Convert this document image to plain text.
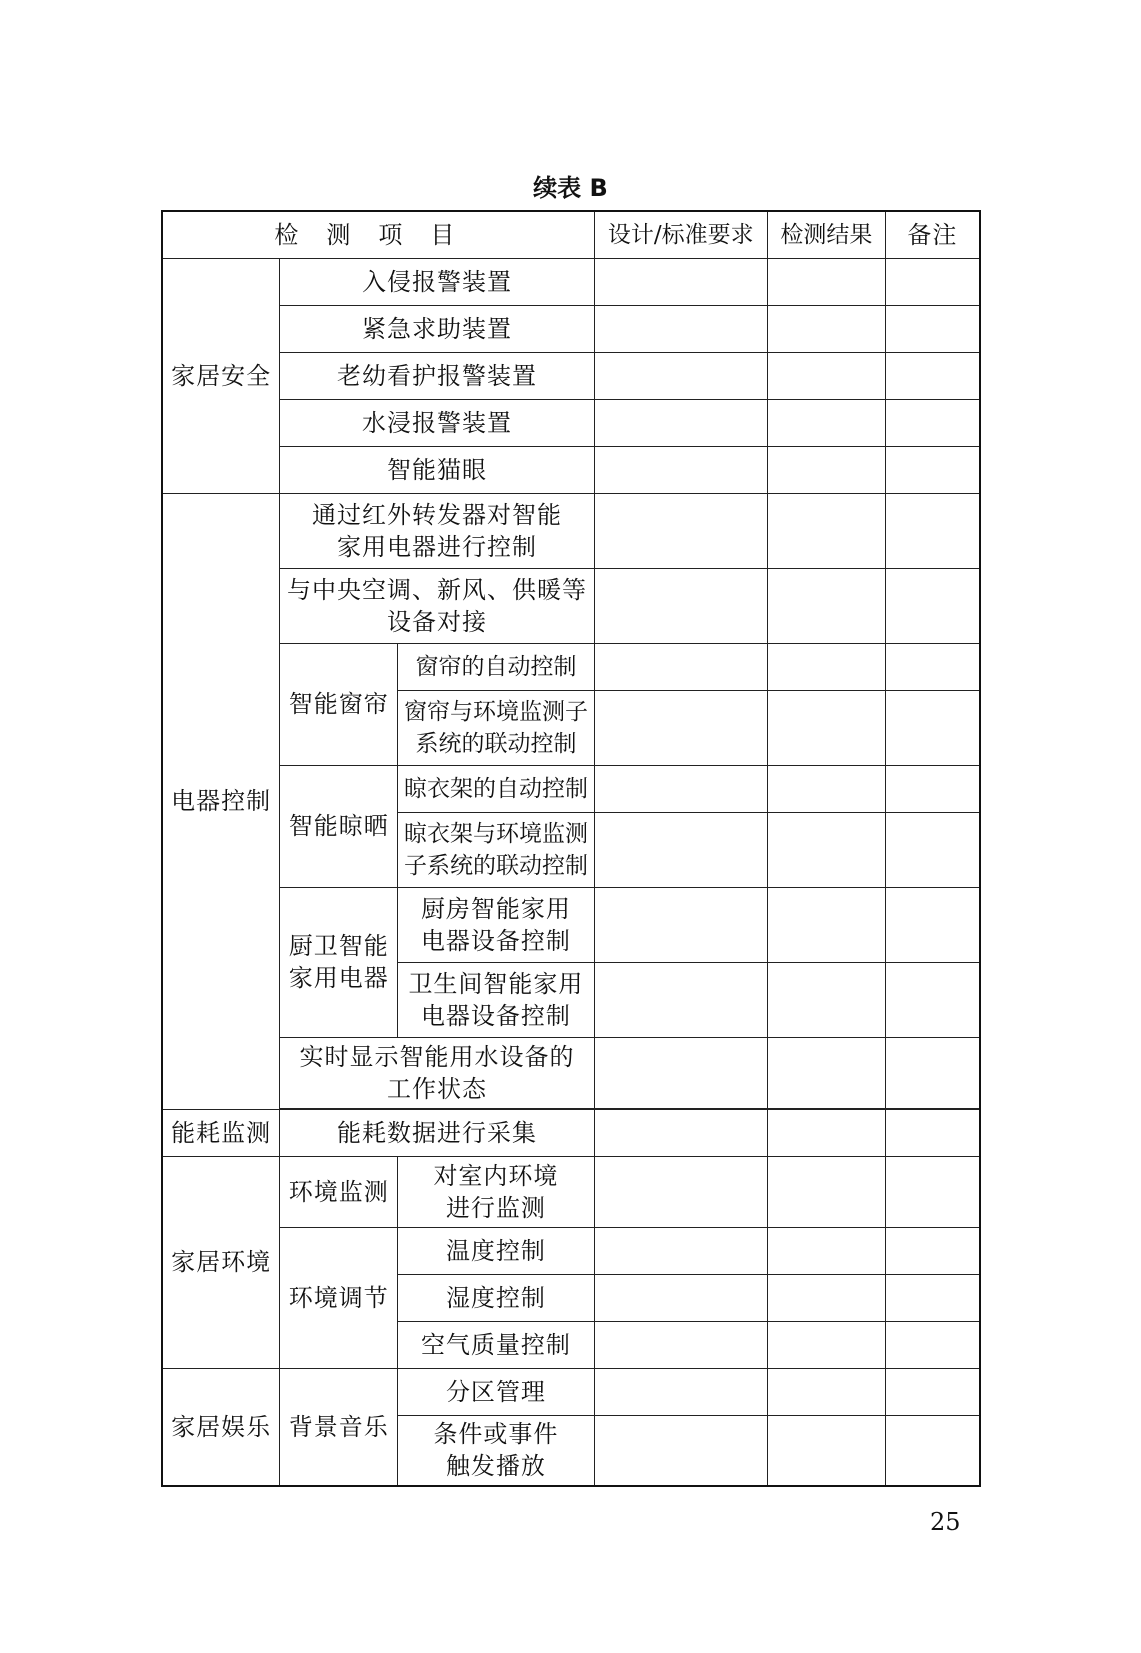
续表 B
检测项目			设计/标准要求	检测结果	备注
家居安全	入侵报警装置				
	紧急求助装置				
	老幼看护报警装置				
	水浸报警装置				
	智能猫眼				
电器控制	通过红外转发器对智能家用电器进行控制				
	与中央空调、新风、供暖等设备对接				
	智能窗帘	窗帘的自动控制			
		窗帘与环境监测子系统的联动控制			
	智能晾晒	晾衣架的自动控制			
		晾衣架与环境监测子系统的联动控制			
	厨卫智能家用电器	厨房智能家用电器设备控制			
		卫生间智能家用电器设备控制			
	实时显示智能用水设备的工作状态				

能耗监测	能耗数据进行采集				
家居环境	环境监测	对室内环境进行监测			
	环境调节	温度控制			
		湿度控制			
		空气质量控制			
家居娱乐	背景音乐	分区管理			
		条件或事件触发播放			
25
